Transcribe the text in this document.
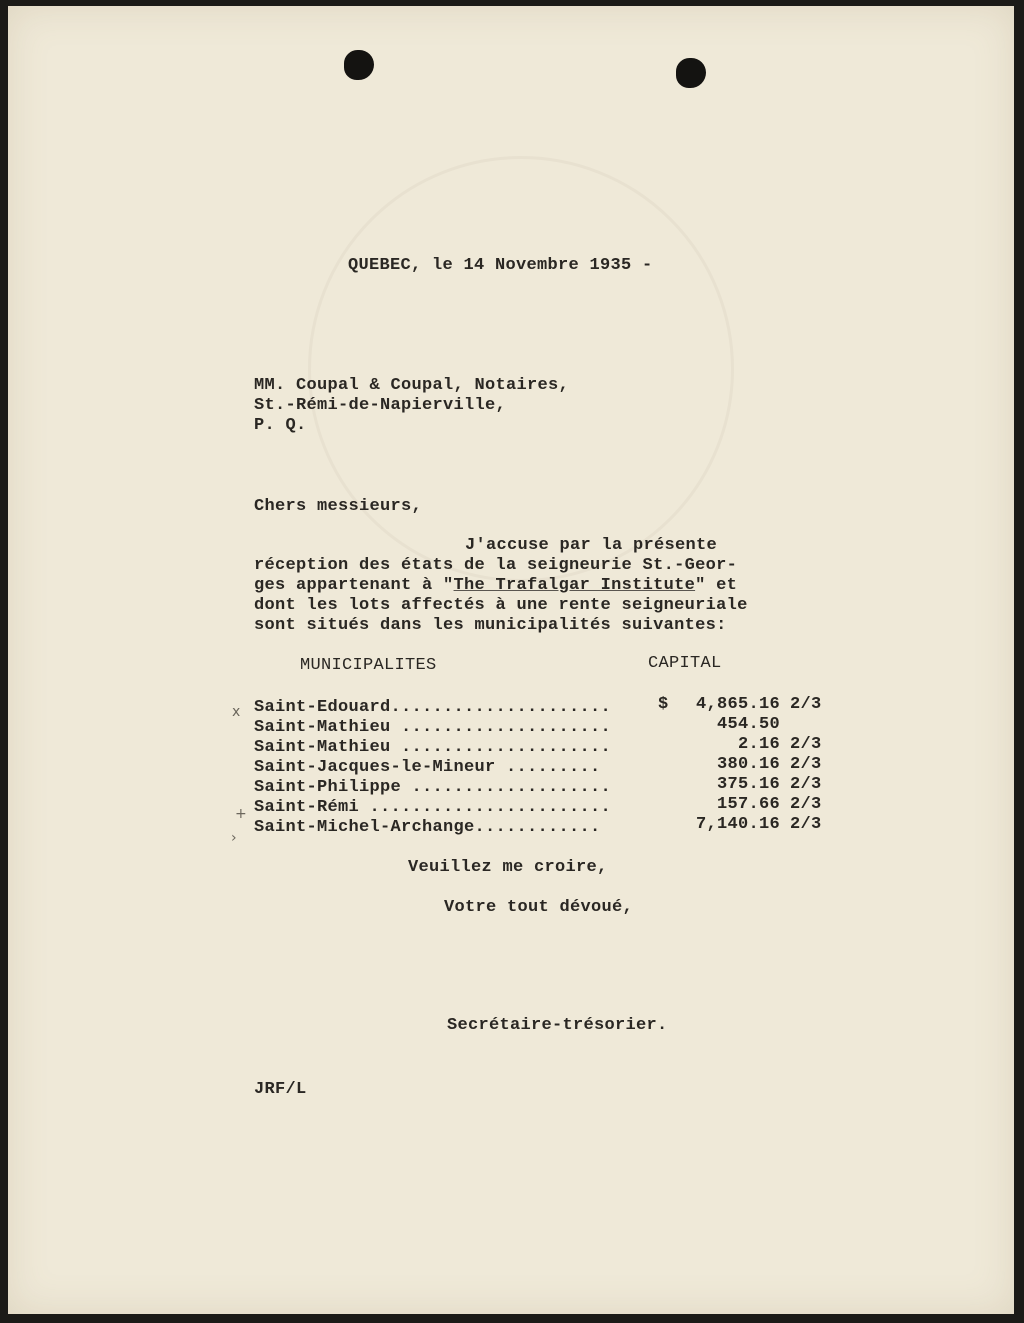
QUEBEC, le 14 Novembre 1935 -
MM. Coupal & Coupal, Notaires,
St.-Rémi-de-Napierville,
P. Q.
Chers messieurs,
J'accuse par la présente
réception des états de la seigneurie St.-Geor-
ges appartenant à "The Trafalgar Institute" et
dont les lots affectés à une rente seigneuriale
sont situés dans les municipalités suivantes:
MUNICIPALITES	CAPITAL
Saint-Edouard.....................	$	4,865.16 2/3
Saint-Mathieu ....................	454.50
Saint-Mathieu ....................	2.16 2/3
Saint-Jacques-le-Mineur .........	380.16 2/3
Saint-Philippe ...................	375.16 2/3
Saint-Rémi .......................	157.66 2/3
Saint-Michel-Archange............	7,140.16 2/3
x
+
›
Veuillez me croire,
Votre tout dévoué,
Secrétaire-trésorier.
JRF/L
